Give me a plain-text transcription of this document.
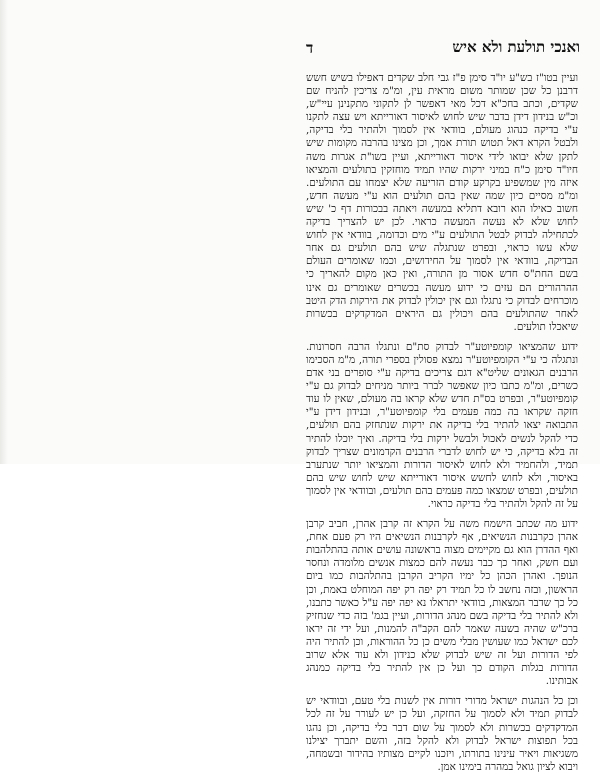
ד	ואנכי תולעת ולא איש

ועיין בטו"ז בש"ע יו"ד סימן פ"ז גבי חלב שקדים דאפילו בשיש חשש דרבנן כל שכן שמותר משום מראית עין, ומ"מ צריכין להניח שם שקדים, וכתב בחכ"א דכל מאי דאפשר לן לתקוני מתקנינן עיי"ש, וכ"ש בנידון דידן בדבר שיש לחוש לאיסור דאורייתא ויש עצה לתקנו ע"י בדיקה כנהוג מעולם, בוודאי אין לסמוך ולהתיר בלי בדיקה, ולבטל הקרא דאל תטוש תורת אמך, וכן מצינו בהרבה מקומות שיש לתקן שלא יבואו לידי איסור דאורייתא, ועיין בשו"ת אגרות משה חיו"ד סימן כ"ח במיני ירקות שהיו תמיד מוחזקין בתולעים והמציאו איזה מין שמשפיע בקרקע קודם הזריעה שלא יצמחו עם התולעים. ומ"מ מסיים כיון שמה שאין בהם תולעים הוא ע"י מעשה חדש, חשוב כאילו הוא רובא דתליא במעשה ויאתה בבכורות דף כ' שיש לחוש שלא לא נעשה המעשה כראוי. לכן יש להצריך בדיקה לכתחילה לבדוק לבטל התולעים ע"י מים וכדומה, בוודאי אין לחוש שלא עשו כראוי, ובפרט שנתגלה שיש בהם תולעים גם אחר הבדיקה, בוודאי אין לסמוך על החידושים, וכמו שאומרים העולם בשם החת"ס חדש אסור מן התורה, ואין כאן מקום להאריך כי ההרהורים הם עזים כי ידוע מעשה בכשרים שאומרים גם אינו מוכרחים לבדוק כי נתגלו וגם אין יכולין לבדוק את הירקות הדק היטב לאחר שהתולעים בהם ויכולין גם היראים המדקדקים בכשרות שיאכלו תולעים.

ידוע שהמציאו קומפיוטע"ר לבדוק סת"ם ונתגלו הרבה חסרונות. ונתגלה כי ע"י הקומפיוטע"ר נמצא פסולין בספרי תורה, מ"מ הסכימו הרבנים הגאונים שליט"א דגם צריכים בדיקה ע"י סופרים בני אדם כשרים, ומ"מ כתבו כיון שאפשר לברר ביותר מניחים לבדוק גם ע"י קומפיוטע"ר, ובפרט בס"ת חדש שלא קראו בה מעולם, שאין לו עוד חזקה שקראו בה כמה פעמים בלי קומפיוטע"ר, ובנידון דידן ע"י התבואה יצאו להתיר בלי בדיקה את ירקות שנתחזק בהם תולעים, כדי להקל לנשים לאכול ולבשל ירקות בלי בדיקה. ואיך יוכלו להתיר זה בלא בדיקה, כי יש לחוש לדברי הרבנים הקדמונים שצריך לבדוק תמיד, ולהחמיר ולא לחוש לאיסור הדורות והמציאו יותר שנתערב באיסור, ולא לחוש לחשש איסור דאורייתא שיש לחוש שיש בהם תולעים, ובפרט שמצאו כמה פעמים בהם תולעים, ובוודאי אין לסמוך על זה להקל ולהתיר בלי בדיקה כראוי.

ידוע מה שכתב הישמח משה על הקרא זה קרבן אהרן, חביב קרבן אהרן כקרבנות הנשיאים, אף לקרבנות הנשיאים היו רק פעם אחת, ואף ההדרן הוא גם מקיימים מצוה בראשונה עושים אותה בהתלהבות ועם חשק, ואחר כך כבר נעשה להם כמצות אנשים מלומדה ונחסר הנופך. ואהרן הכהן כל ימיו הקריב הקרבן בהתלהבות כמו ביום הראשון, ובזה נחשב לו כל תמיד רק יפה רק יפה המוחלט באמת, וכן כל כך שדבר המצאות, בוודאי יתראלו נא יפה יפה ע"ל כאשר כתבנו, ולא להתיר בלי בדיקה בשם מנהג הדורות, ועיין בגמ' בזה כדי שנחזיק ברכ"ש שהיה בשעה שאמר להם הקב"ה להמנות, ועל ידי זה יראו לכם ישראל כמו שעושין מבלי משים כן כל ההוראות, וכן להתיר היה לפי הדורות ועל זה שיש לבדוק שלא כנידון ולא עוד אלא שרוב הדורות בגלות הקודם כך ועל כן אין להתיר בלי בדיקה כמנהג אבותינו.

וכן כל הנהגות ישראל מדורי דורות אין לשנות בלי טעם, ובוודאי יש לבדוק תמיד ולא לסמוך על החזקה, ועל כן יש לעורר על זה לכל המדקדקים בכשרות ולא לסמוך על שום דבר בלי בדיקה, וכן נהגו בכל תפוצות ישראל לבדוק ולא להקל בזה, והשם יתברך יצילנו משגיאות ויאיר עינינו בתורתו, ויזכנו לקיים מצותיו בהידור ובשמחה, ויבוא לציון גואל במהרה בימינו אמן.
